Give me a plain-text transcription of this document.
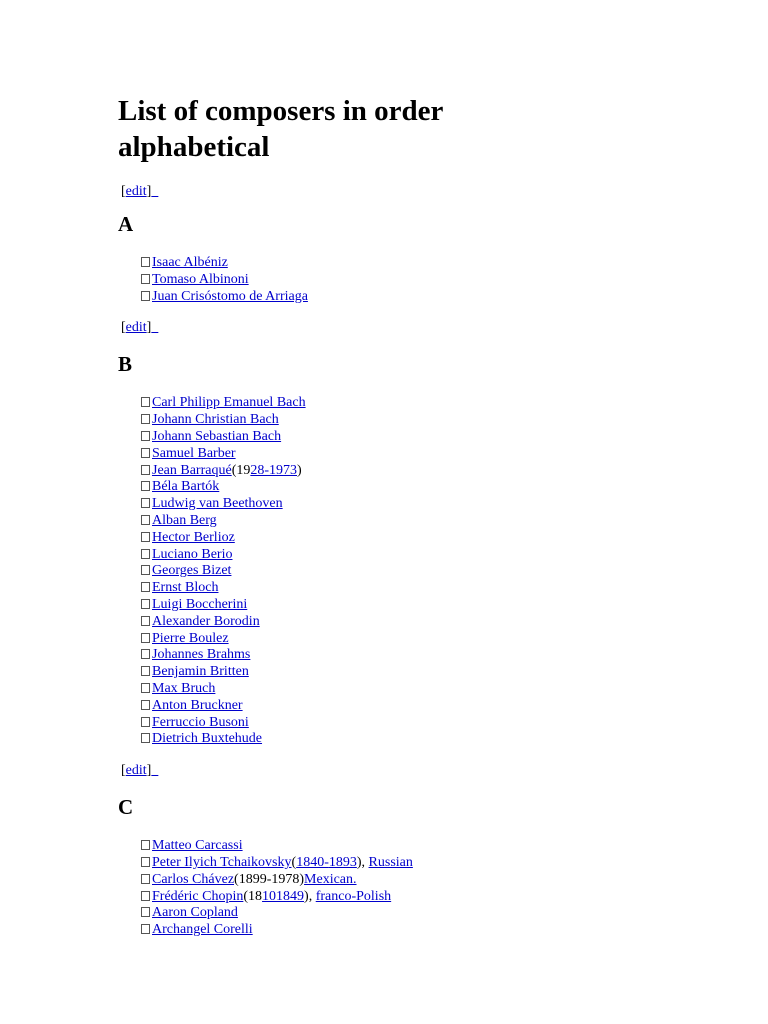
List of composers in order
alphabetical
[edit]
A
Isaac Albéniz
Tomaso Albinoni
Juan Crisóstomo de Arriaga
[edit]
B
Carl Philipp Emanuel Bach
Johann Christian Bach
Johann Sebastian Bach
Samuel Barber
Jean Barraqué(1928-1973)
Béla Bartók
Ludwig van Beethoven
Alban Berg
Hector Berlioz
Luciano Berio
Georges Bizet
Ernst Bloch
Luigi Boccherini
Alexander Borodin
Pierre Boulez
Johannes Brahms
Benjamin Britten
Max Bruch
Anton Bruckner
Ferruccio Busoni
Dietrich Buxtehude
[edit]
C
Matteo Carcassi
Peter Ilyich Tchaikovsky(1840-1893), Russian
Carlos Chávez(1899-1978)Mexican.
Frédéric Chopin(18101849), franco-Polish
Aaron Copland
Archangel Corelli
